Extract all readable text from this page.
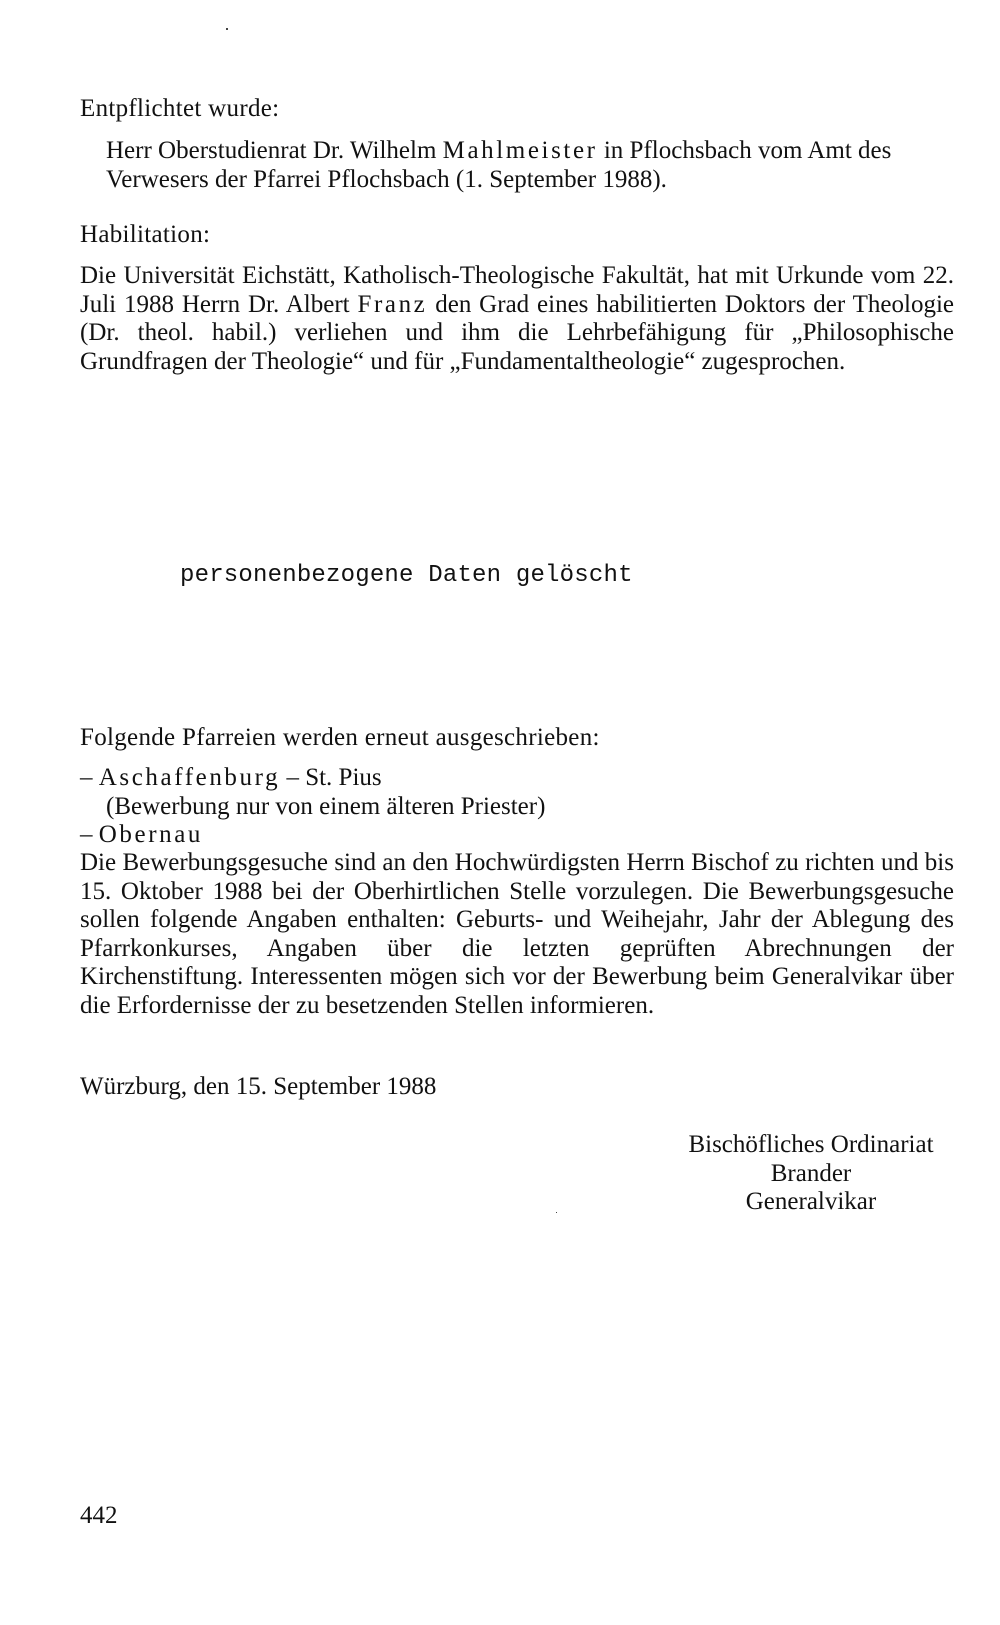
Entpflichtet wurde:
Herr Oberstudienrat Dr. Wilhelm Mahlmeister in Pflochsbach vom Amt des Verwesers der Pfarrei Pflochsbach (1. September 1988).
Habilitation:
Die Universität Eichstätt, Katholisch-Theologische Fakultät, hat mit Urkunde vom 22. Juli 1988 Herrn Dr. Albert Franz den Grad eines habilitierten Doktors der Theologie (Dr. theol. habil.) verliehen und ihm die Lehrbefähigung für „Philosophische Grundfragen der Theologie“ und für „Fundamentaltheologie“ zugesprochen.
personenbezogene Daten gelöscht
Folgende Pfarreien werden erneut ausgeschrieben:
– Aschaffenburg – St. Pius
(Bewerbung nur von einem älteren Priester)
– Obernau
Die Bewerbungsgesuche sind an den Hochwürdigsten Herrn Bischof zu richten und bis 15. Oktober 1988 bei der Oberhirtlichen Stelle vorzulegen. Die Bewerbungsgesuche sollen folgende Angaben enthalten: Geburts- und Weihejahr, Jahr der Ablegung des Pfarrkonkurses, Angaben über die letzten geprüften Abrechnungen der Kirchenstiftung. Interessenten mögen sich vor der Bewerbung beim Generalvikar über die Erfordernisse der zu besetzenden Stellen informieren.
Würzburg, den 15. September 1988
Bischöfliches Ordinariat
Brander
Generalvikar
442
